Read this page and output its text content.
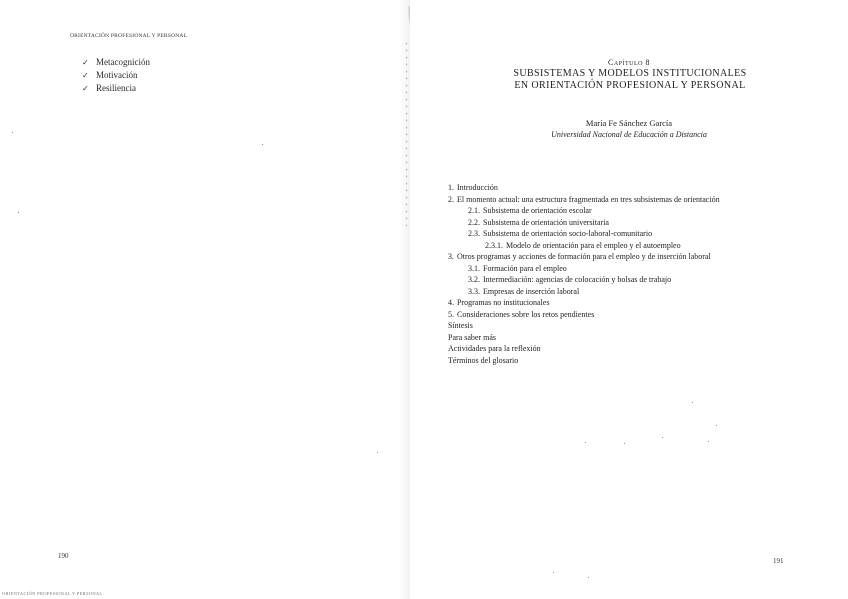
ORIENTACIÓN PROFESIONAL Y PERSONAL
✓ Metacognición
✓ Motivación
✓ Resiliencia
190
ORIENTACIÓN PROFESIONAL Y PERSONAL
Capítulo 8
SUBSISTEMAS Y MODELOS INSTITUCIONALES
EN ORIENTACIÓN PROFESIONAL Y PERSONAL
María Fe Sánchez García
Universidad Nacional de Educación a Distancia
1. Introducción
2. El momento actual: una estructura fragmentada en tres subsistemas de orientación
2.1. Subsistema de orientación escolar
2.2. Subsistema de orientación universitaria
2.3. Subsistema de orientación socio-laboral-comunitario
2.3.1. Modelo de orientación para el empleo y el autoempleo
3. Otros programas y acciones de formación para el empleo y de inserción laboral
3.1. Formación para el empleo
3.2. Intermediación: agencias de colocación y bolsas de trabajo
3.3. Empresas de inserción laboral
4. Programas no institucionales
5. Consideraciones sobre los retos pendientes
Síntesis
Para saber más
Actividades para la reflexión
Términos del glosario
191
